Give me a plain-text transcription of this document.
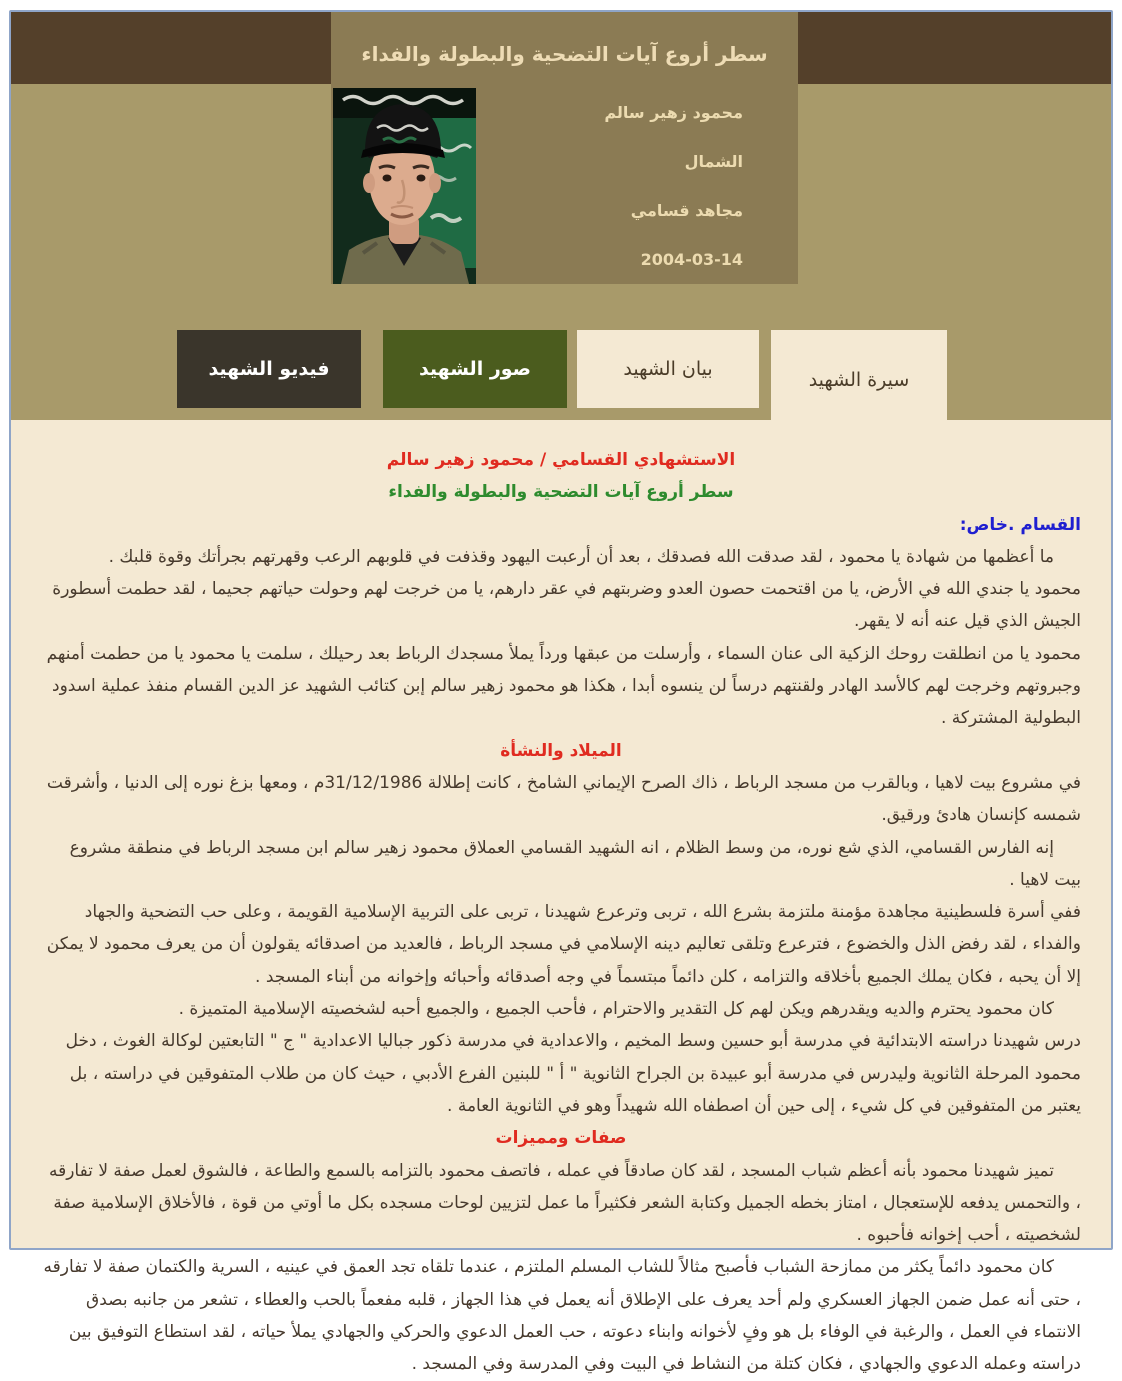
سطر أروع آيات التضحية والبطولة والفداء
محمود زهير سالم
الشمال
مجاهد قسامي
2004-03-14
فيديو الشهيد	صور الشهيد	بيان الشهيد	سيرة الشهيد
الاستشهادي القسامي / محمود زهير سالم
سطر أروع آيات التضحية والبطولة والفداء
القسام .خاص:

ما أعظمها من شهادة يا محمود ، لقد صدقت الله فصدقك ، بعد أن أرعبت اليهود وقذفت في قلوبهم الرعب وقهرتهم بجرأتك وقوة قلبك .

محمود يا جندي الله في الأرض، يا من اقتحمت حصون العدو وضربتهم في عقر دارهم، يا من خرجت لهم وحولت حياتهم جحيما ، لقد حطمت أسطورة الجيش الذي قيل عنه أنه لا يقهر.

محمود يا من انطلقت روحك الزكية الى عنان السماء ، وأرسلت من عبقها ورداً يملأ مسجدك الرباط بعد رحيلك ، سلمت يا محمود يا من حطمت أمنهم وجبروتهم وخرجت لهم كالأسد الهادر ولقنتهم درساً لن ينسوه أبدا ، هكذا هو محمود زهير سالم إبن كتائب الشهيد عز الدين القسام منفذ عملية اسدود البطولية المشتركة .

الميلاد والنشأة

في مشروع بيت لاهيا ، وبالقرب من مسجد الرباط ، ذاك الصرح الإيماني الشامخ ، كانت إطلالة 31/12/1986م ، ومعها بزغ نوره إلى الدنيا ، وأشرقت شمسه كإنسان هادئ ورقيق.

إنه الفارس القسامي، الذي شع نوره، من وسط الظلام ، انه الشهيد القسامي العملاق محمود زهير سالم ابن مسجد الرباط في منطقة مشروع بيت لاهيا .

ففي أسرة فلسطينية مجاهدة مؤمنة ملتزمة بشرع الله ، تربى وترعرع شهيدنا ، تربى على التربية الإسلامية القويمة ، وعلى حب التضحية والجهاد والفداء ، لقد رفض الذل والخضوع ، فترعرع وتلقى تعاليم دينه الإسلامي في مسجد الرباط ، فالعديد من اصدقائه يقولون أن من يعرف محمود لا يمكن إلا أن يحبه ، فكان يملك الجميع بأخلاقه والتزامه ، كلن دائماً مبتسماً في وجه أصدقائه وأحبائه وإخوانه من أبناء المسجد .

كان محمود يحترم والديه ويقدرهم ويكن لهم كل التقدير والاحترام ، فأحب الجميع ، والجميع أحبه لشخصيته الإسلامية المتميزة .

درس شهيدنا دراسته الابتدائية في مدرسة أبو حسين وسط المخيم ، والاعدادية في مدرسة ذكور جباليا الاعدادية " ج " التابعتين لوكالة الغوث ، دخل محمود المرحلة الثانوية وليدرس في مدرسة أبو عبيدة بن الجراح الثانوية " أ " للبنين الفرع الأدبي ، حيث كان من طلاب المتفوقين في دراسته ، بل يعتبر من المتفوقين في كل شيء ، إلى حين أن اصطفاه الله شهيداً وهو في الثانوية العامة .

صفات ومميزات

تميز شهيدنا محمود بأنه أعظم شباب المسجد ، لقد كان صادقاً في عمله ، فاتصف محمود بالتزامه بالسمع والطاعة ، فالشوق لعمل صفة لا تفارقه ، والتحمس يدفعه للإستعجال ، امتاز بخطه الجميل وكتابة الشعر فكثيراً ما عمل لتزيين لوحات مسجده بكل ما أوتي من قوة ، فالأخلاق الإسلامية صفة لشخصيته ، أحب إخوانه فأحبوه .

كان محمود دائماً يكثر من ممازحة الشباب فأصبح مثالاً للشاب المسلم الملتزم ، عندما تلقاه تجد العمق في عينيه ، السرية والكتمان صفة لا تفارقه ، حتى أنه عمل ضمن الجهاز العسكري ولم أحد يعرف على الإطلاق أنه يعمل في هذا الجهاز ، قلبه مفعماً بالحب والعطاء ، تشعر من جانبه بصدق الانتماء في العمل ، والرغبة في الوفاء بل هو وفٍ لأخوانه وابناء دعوته ، حب العمل الدعوي والحركي والجهادي يملأ حياته ، لقد استطاع التوفيق بين دراسته وعمله الدعوي والجهادي ، فكان كتلة من النشاط في البيت وفي المدرسة وفي المسجد .
